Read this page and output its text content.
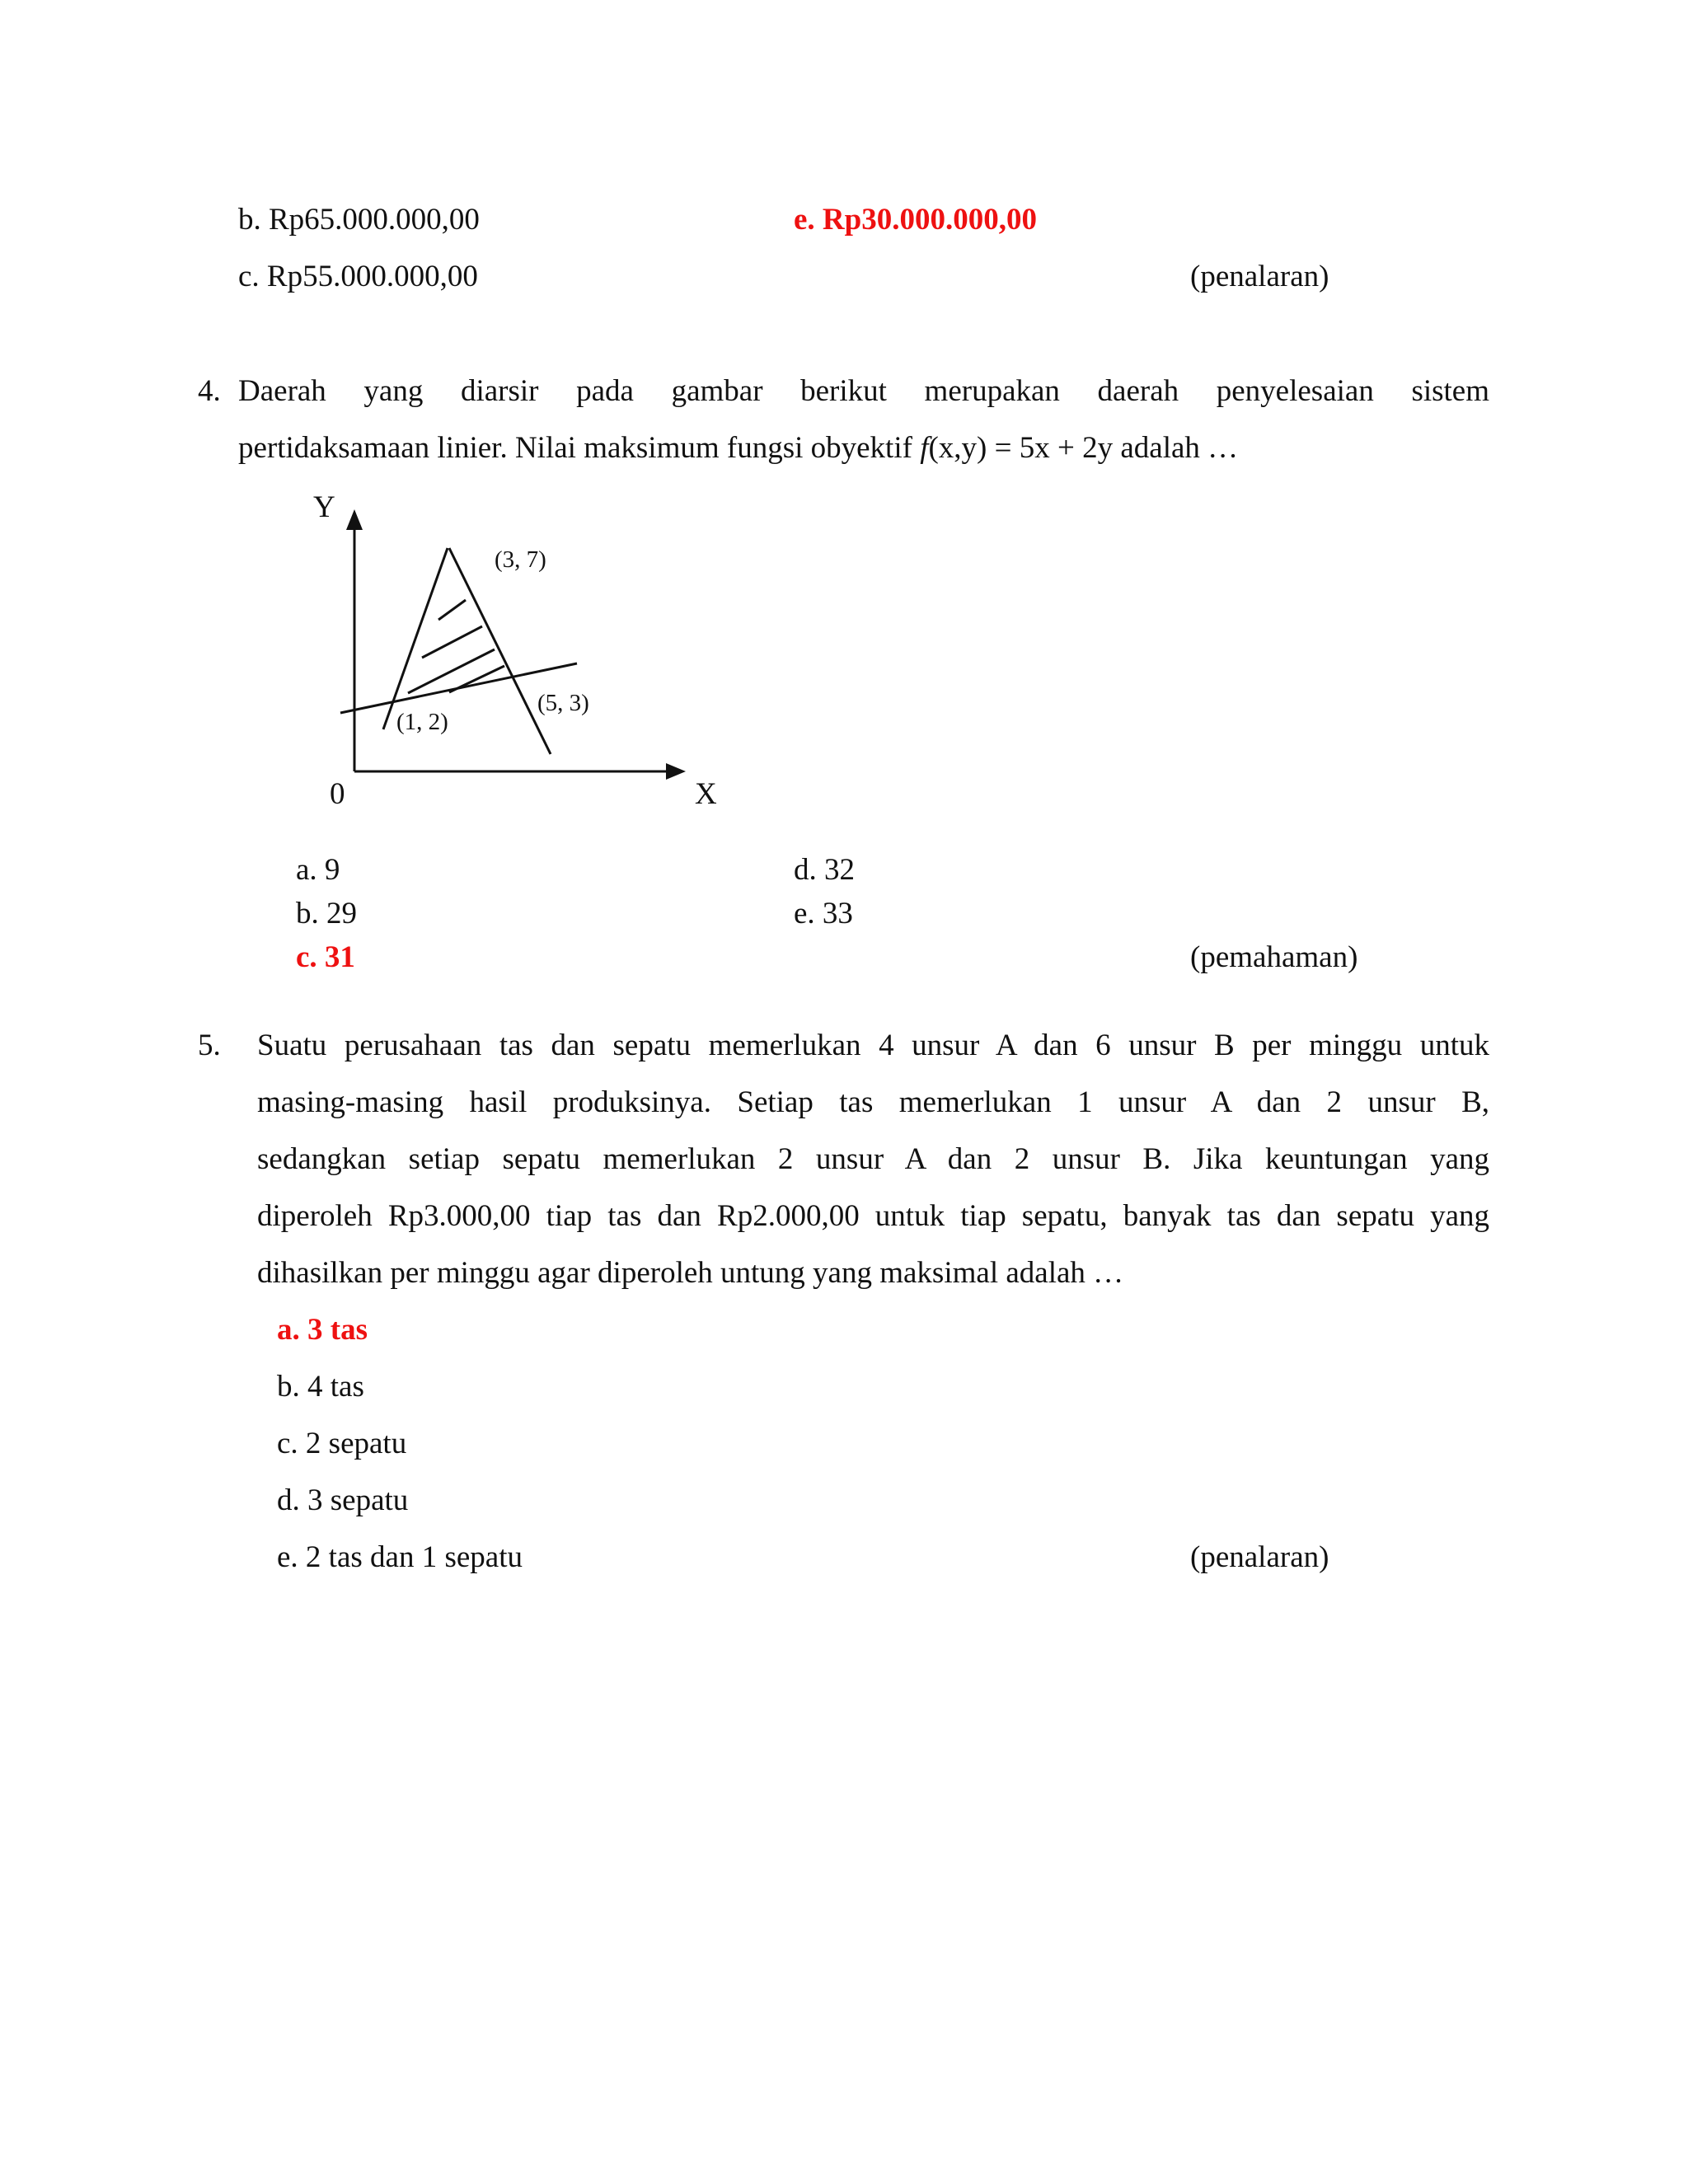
b. Rp65.000.000,00	e. Rp30.000.000,00
c. Rp55.000.000,00	(penalaran)
4. Daerah yang diarsir pada gambar berikut merupakan daerah penyelesaian sistem
pertidaksamaan linier. Nilai maksimum fungsi obyektif f(x,y) = 5x + 2y adalah …
Y
X
0
(3, 7)
(5, 3)
(1, 2)
a. 9	d. 32
b. 29	e. 33
c. 31	(pemahaman)
5. Suatu perusahaan tas dan sepatu memerlukan 4 unsur A dan 6 unsur B per minggu untuk
masing-masing hasil produksinya. Setiap tas memerlukan 1 unsur A dan 2 unsur B,
sedangkan setiap sepatu memerlukan 2 unsur A dan 2 unsur B. Jika keuntungan yang
diperoleh Rp3.000,00 tiap tas dan Rp2.000,00 untuk tiap sepatu, banyak tas dan sepatu yang
dihasilkan per minggu agar diperoleh untung yang maksimal adalah …
a. 3 tas
b. 4 tas
c. 2 sepatu
d. 3 sepatu
e. 2 tas dan 1 sepatu	(penalaran)
